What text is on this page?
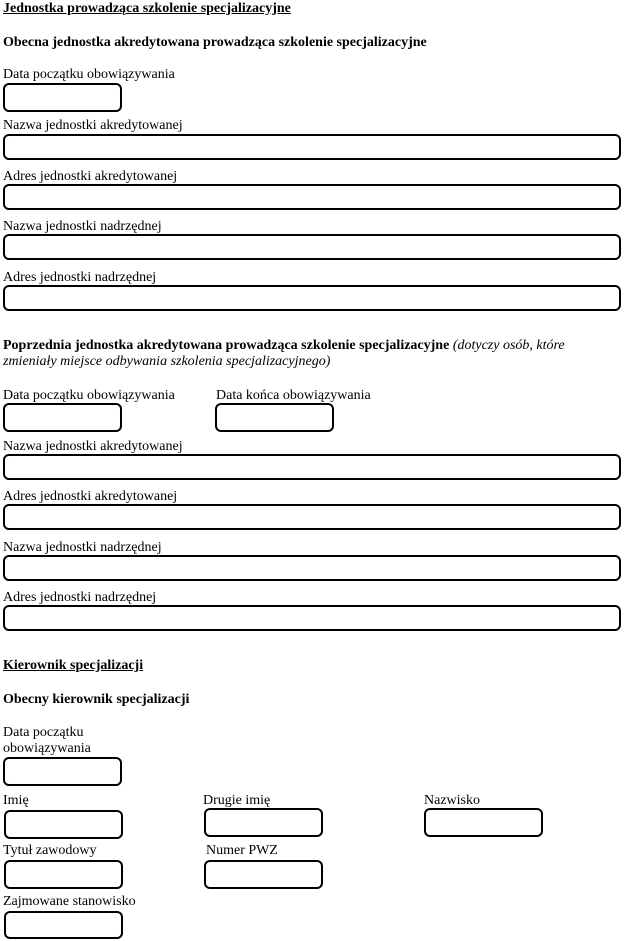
Jednostka prowadząca szkolenie specjalizacyjne
Obecna jednostka akredytowana prowadząca szkolenie specjalizacyjne
Data początku obowiązywania
Nazwa jednostki akredytowanej
Adres jednostki akredytowanej
Nazwa jednostki nadrzędnej
Adres jednostki nadrzędnej
Poprzednia jednostka akredytowana prowadząca szkolenie specjalizacyjne (dotyczy osób, które
zmieniały miejsce odbywania szkolenia specjalizacyjnego)
Data początku obowiązywania	Data końca obowiązywania
Nazwa jednostki akredytowanej
Adres jednostki akredytowanej
Nazwa jednostki nadrzędnej
Adres jednostki nadrzędnej
Kierownik specjalizacji
Obecny kierownik specjalizacji
Data początku
obowiązywania
Imię	Drugie imię	Nazwisko
Tytuł zawodowy	Numer PWZ
Zajmowane stanowisko
